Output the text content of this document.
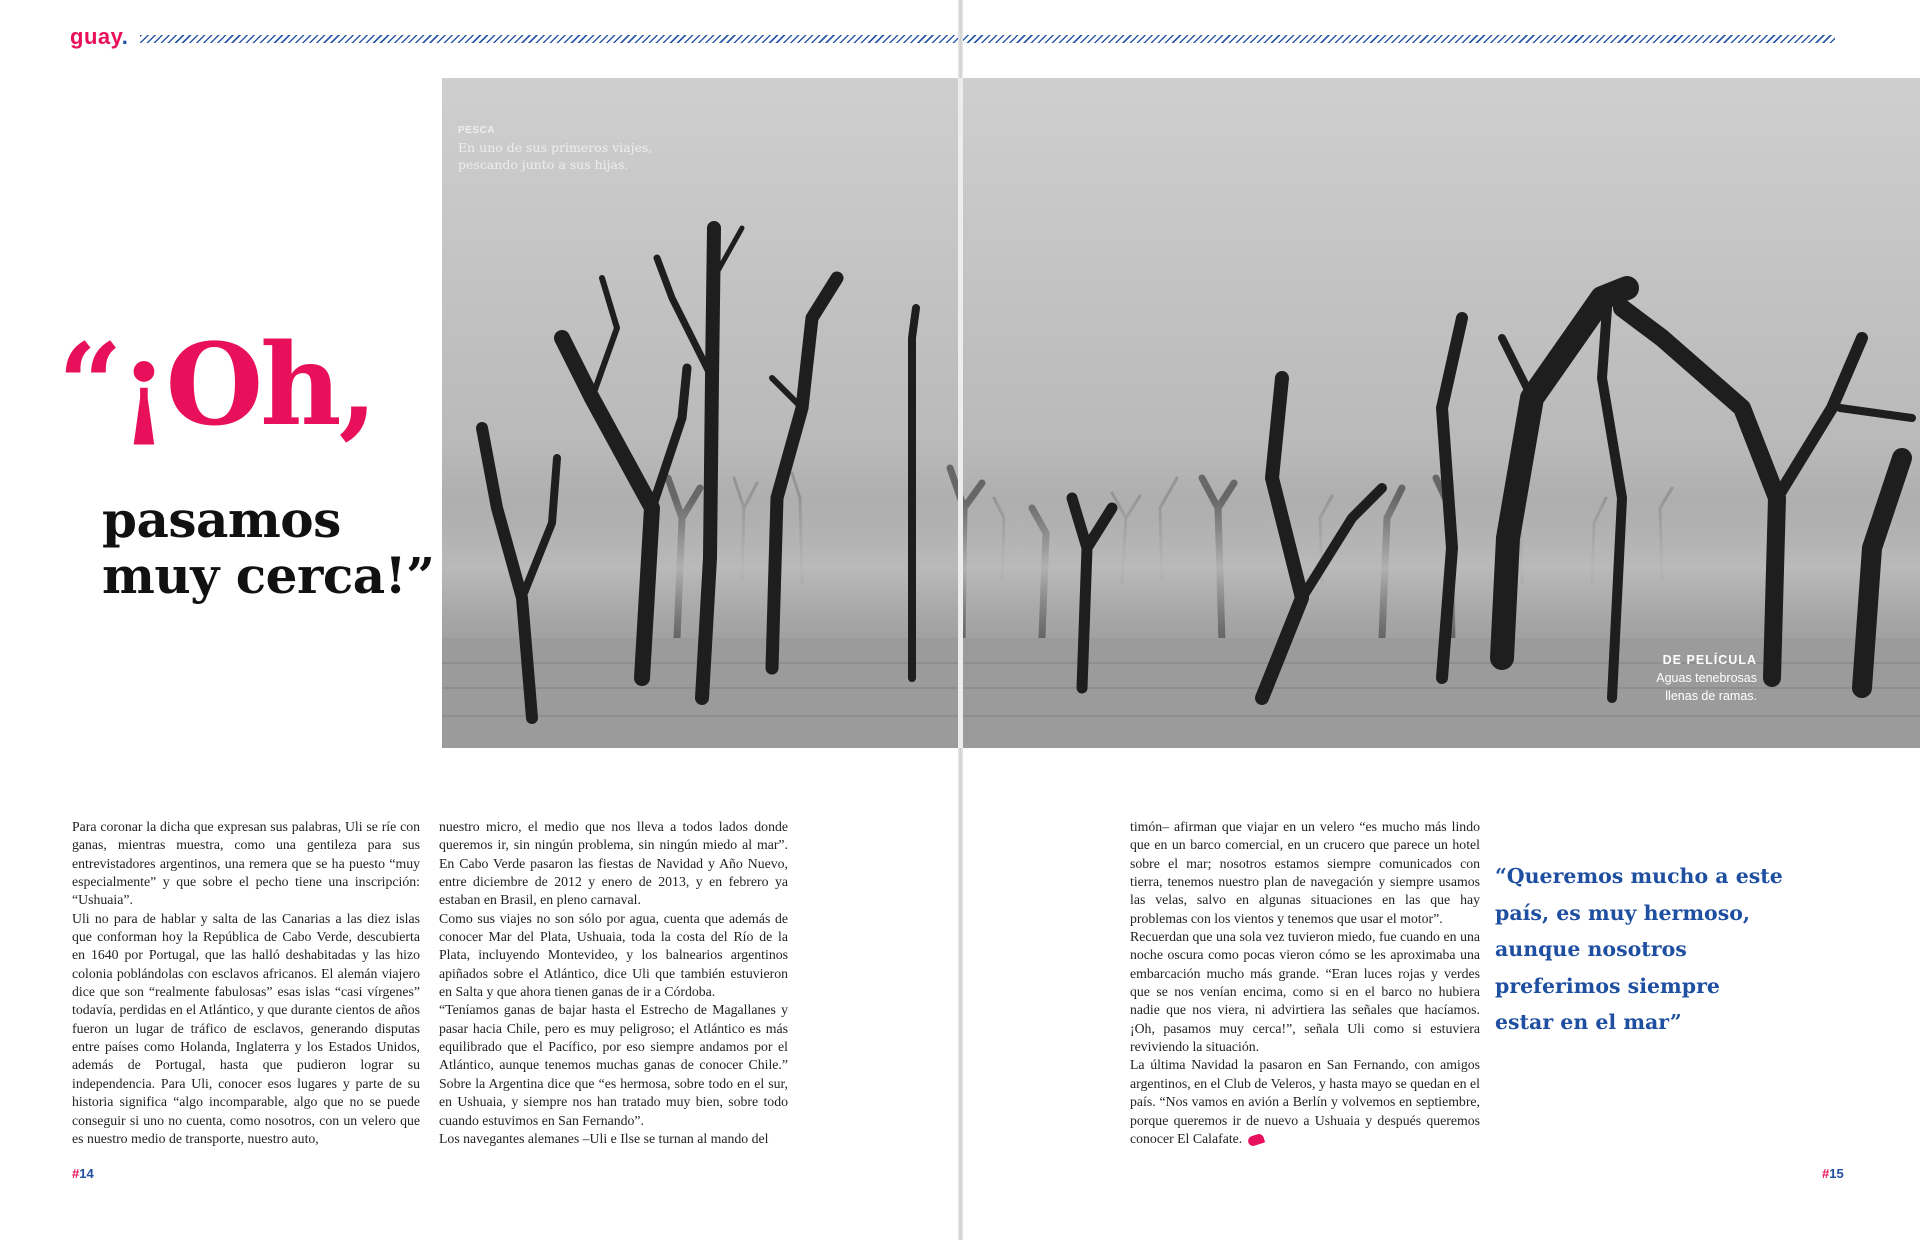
guay.
PESCA
En uno de sus primeros viajes,
pescando junto a sus hijas.
DE PELÍCULA
Aguas tenebrosas
llenas de ramas.
“¡Oh,
pasamos
muy cerca!”

Para coronar la dicha que expresan sus palabras, Uli se ríe con ganas, mientras muestra, como una gentileza para sus entrevistadores argentinos, una remera que se ha puesto “muy especialmente” y que sobre el pecho tiene una inscripción: “Ushuaia”.

Uli no para de hablar y salta de las Canarias a las diez islas que conforman hoy la República de Cabo Verde, descubierta en 1640 por Portugal, que las halló deshabitadas y las hizo colonia poblándolas con esclavos africanos. El alemán viajero dice que son “realmente fabulosas” esas islas “casi vírgenes” todavía, perdidas en el Atlántico, y que durante cientos de años fueron un lugar de tráfico de esclavos, generando disputas entre países como Holanda, Inglaterra y los Estados Unidos, además de Portugal, hasta que pudieron lograr su independencia. Para Uli, conocer esos lugares y parte de su historia significa “algo incomparable, algo que no se puede conseguir si uno no cuenta, como nosotros, con un velero que es nuestro medio de transporte, nuestro auto,

nuestro micro, el medio que nos lleva a todos lados donde queremos ir, sin ningún problema, sin ningún miedo al mar”. En Cabo Verde pasaron las fiestas de Navidad y Año Nuevo, entre diciembre de 2012 y enero de 2013, y en febrero ya estaban en Brasil, en pleno carnaval.

Como sus viajes no son sólo por agua, cuenta que además de conocer Mar del Plata, Ushuaia, toda la costa del Río de la Plata, incluyendo Montevideo, y los balnearios argentinos apiñados sobre el Atlántico, dice Uli que también estuvieron en Salta y que ahora tienen ganas de ir a Córdoba.

“Teníamos ganas de bajar hasta el Estrecho de Magallanes y pasar hacia Chile, pero es muy peligroso; el Atlántico es más equilibrado que el Pacífico, por eso siempre andamos por el Atlántico, aunque tenemos muchas ganas de conocer Chile.” Sobre la Argentina dice que “es hermosa, sobre todo en el sur, en Ushuaia, y siempre nos han tratado muy bien, sobre todo cuando estuvimos en San Fernando”.

Los navegantes alemanes –Uli e Ilse se turnan al mando del

timón– afirman que viajar en un velero “es mucho más lindo que en un barco comercial, en un crucero que parece un hotel sobre el mar; nosotros estamos siempre comunicados con tierra, tenemos nuestro plan de navegación y siempre usamos las velas, salvo en algunas situaciones en las que hay problemas con los vientos y tenemos que usar el motor”.

Recuerdan que una sola vez tuvieron miedo, fue cuando en una noche oscura como pocas vieron cómo se les aproximaba una embarcación mucho más grande. “Eran luces rojas y verdes que se nos venían encima, como si en el barco no hubiera nadie que nos viera, ni advirtiera las señales que hacíamos. ¡Oh, pasamos muy cerca!”, señala Uli como si estuviera reviviendo la situación.

La última Navidad la pasaron en San Fernando, con amigos argentinos, en el Club de Veleros, y hasta mayo se quedan en el país. “Nos vamos en avión a Berlín y volvemos en septiembre, porque queremos ir de nuevo a Ushuaia y después queremos conocer El Calafate.

“Queremos mucho a este país, es muy hermoso, aunque nosotros preferimos siempre estar en el mar”
#14	#15
